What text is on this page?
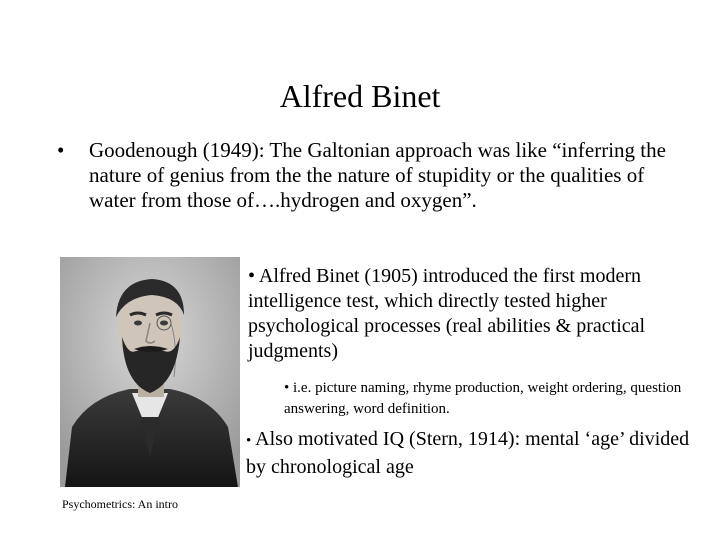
Alfred Binet
• Goodenough (1949): The Galtonian approach was like “inferring the nature of genius from the the nature of stupidity or the qualities of water from those of….hydrogen and oxygen”.
• Alfred Binet (1905) introduced the first modern intelligence test, which directly tested higher psychological processes (real abilities & practical judgments)
• i.e. picture naming, rhyme production, weight ordering, question answering, word definition.
• Also motivated IQ (Stern, 1914): mental ‘age’ divided by chronological age
Psychometrics: An intro
